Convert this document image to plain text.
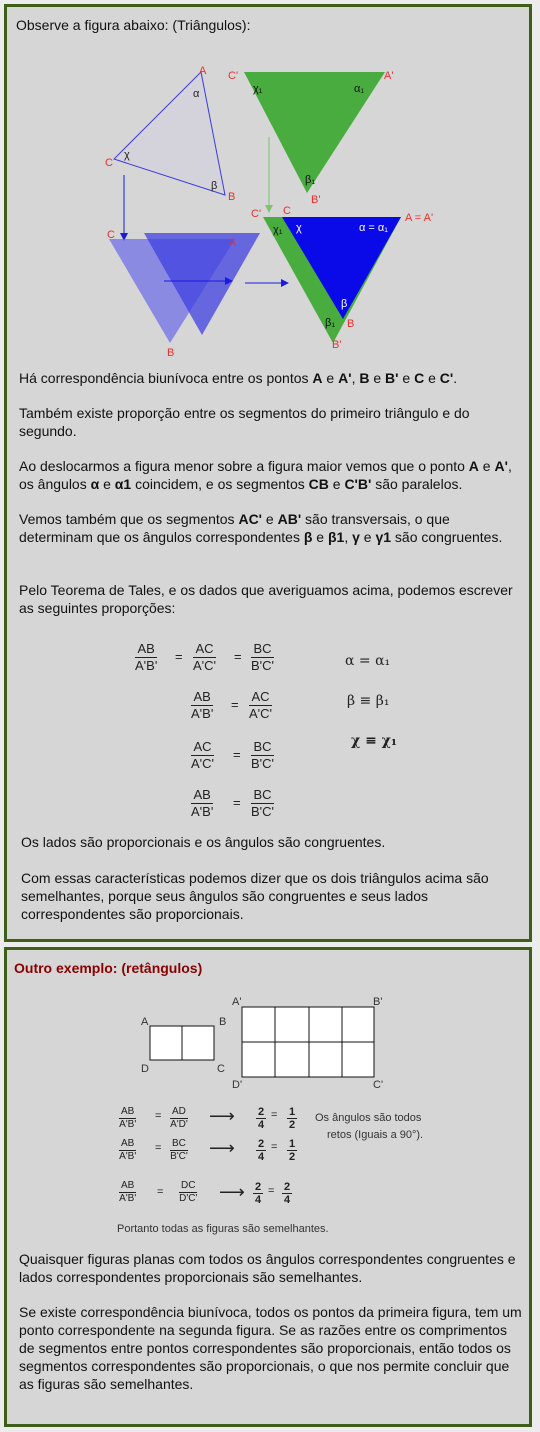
Observe a figura abaixo: (Triângulos):
A
α
χ
C
β
B
C'	A'
χ₁	α₁
β₁
B'
C' C
A = A'
χ₁ χ	α = α₁
C
A
β
β₁ B
B
B'
Há correspondência biunívoca entre os pontos A e A', B e B' e C e C'.
Também existe proporção entre os segmentos do primeiro triângulo e do segundo.
Ao deslocarmos a figura menor sobre a figura maior vemos que o ponto A e A', os ângulos α e α1 coincidem, e os segmentos CB e C'B' são paralelos.
Vemos também que os segmentos AC' e AB' são transversais, o que determinam que os ângulos correspondentes β e β1, γ e γ1 são congruentes.
Pelo Teorema de Tales, e os dados que averiguamos acima, podemos escrever as seguintes proporções:
$\frac{AB}{A'B'} = \frac{AC}{A'C'} = \frac{BC}{B'C'}$
$\frac{AB}{A'B'} = \frac{AC}{A'C'}$
$\frac{AC}{A'C'} = \frac{BC}{B'C'}$
$\frac{AB}{A'B'} = \frac{BC}{B'C'}$
α = α₁
β ≡ β₁
χ ≡ χ₁
Os lados são proporcionais e os ângulos são congruentes.
Com essas características podemos dizer que os dois triângulos acima são semelhantes, porque seus ângulos são congruentes e seus lados correspondentes são proporcionais.
Outro exemplo: (retângulos)
A	B
D	C
A'	B'
D'	C'
$\frac{AB}{A'B'} = \frac{AD}{A'D'}$ ⟶ $\frac{2}{4} = \frac{1}{2}$ Os ângulos são todos
retos (Iguais a 90°).
$\frac{AB}{A'B'} = \frac{BC}{B'C'}$ ⟶ $\frac{2}{4} = \frac{1}{2}$
$\frac{AB}{A'B'} = \frac{DC}{D'C'}$ ⟶ $\frac{2}{4} = \frac{2}{4}$
Portanto todas as figuras são semelhantes.
Quaisquer figuras planas com todos os ângulos correspondentes congruentes e lados correspondentes proporcionais são semelhantes.
Se existe correspondência biunívoca, todos os pontos da primeira figura, tem um ponto correspondente na segunda figura. Se as razões entre os comprimentos de segmentos entre pontos correspondentes são proporcionais, então todos os segmentos correspondentes são proporcionais, o que nos permite concluir que as figuras são semelhantes.
